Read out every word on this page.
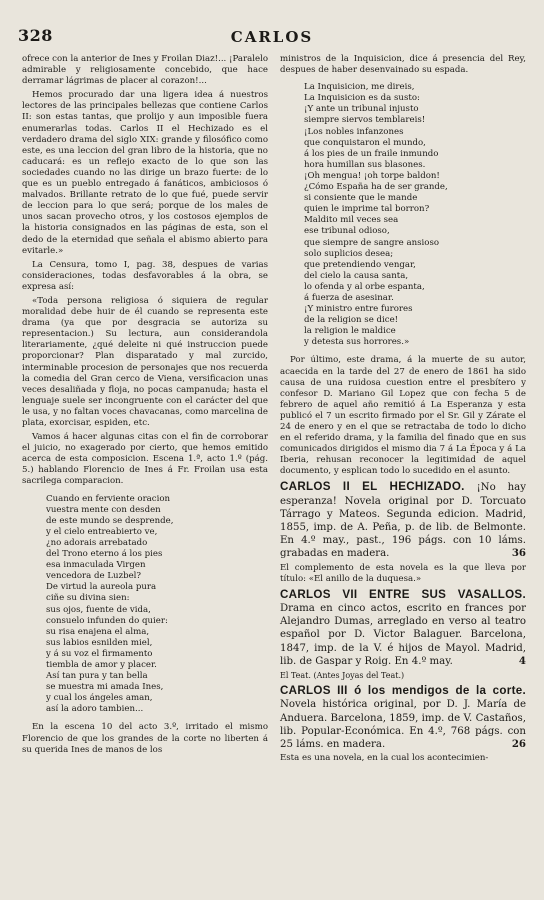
328	CARLOS

ofrece con la anterior de Ines y Froilan Diaz!... ¡Paralelo admirable y religiosamente concebido, que hace derramar lágrimas de placer al corazon!...

Hemos procurado dar una ligera idea á nuestros lectores de las principales bellezas que contiene Carlos II: son estas tantas, que prolijo y aun imposible fuera enumerarlas todas. Carlos II el Hechizado es el verdadero drama del siglo XIX: grande y filosófico como este, es una leccion del gran libro de la historia, que no caducará: es un reflejo exacto de lo que son las sociedades cuando no las dirige un brazo fuerte: de lo que es un pueblo entregado á fanáticos, ambiciosos ó malvados. Brillante retrato de lo que fué, puede servir de leccion para lo que será; porque de los males de unos sacan provecho otros, y los costosos ejemplos de la historia consignados en las páginas de esta, son el dedo de la eternidad que señala el abismo abierto para evitarle.»

La Censura, tomo I, pag. 38, despues de varias consideraciones, todas desfavorables á la obra, se expresa así:

«Toda persona religiosa ó siquiera de regular moralidad debe huir de él cuando se representa este drama (ya que por desgracia se autoriza su representacion.) Su lectura, aun considerandola literariamente, ¿qué deleite ni qué instruccion puede proporcionar? Plan disparatado y mal zurcido, interminable procesion de personajes que nos recuerda la comedia del Gran cerco de Viena, versificacion unas veces desaliñada y floja, no pocas campanuda; hasta el lenguaje suele ser incongruente con el carácter del que le usa, y no faltan voces chavacanas, como marcelina de plata, exorcisar, espiden, etc.

Vamos á hacer algunas citas con el fin de corroborar el juicio, no exagerado por cierto, que hemos emitido acerca de esta composicion. Escena 1.ª, acto 1.º (pág. 5.) hablando Florencio de Ines á Fr. Froilan usa esta sacrilega comparacion.

Cuando en ferviente oracion
vuestra mente con desden
de este mundo se desprende,
y el cielo entreabierto ve,
¿no adorais arrebatado
del Trono eterno á los pies
esa inmaculada Virgen
vencedora de Luzbel?
De virtud la aureola pura
ciñe su divina sien:
sus ojos, fuente de vida,
consuelo infunden do quier:
su risa enajena el alma,
sus labios esnilden miel,
y á su voz el firmamento
tiembla de amor y placer.
Así tan pura y tan bella
se muestra mi amada Ines,
y cual los ángeles aman,
así la adoro tambien...

En la escena 10 del acto 3.º, irritado el mismo Florencio de que los grandes de la corte no liberten á su querida Ines de manos de los

ministros de la Inquisicion, dice á presencia del Rey, despues de haber desenvainado su espada.

La Inquisicion, me direis,
La Inquisicion es da susto:
¡Y ante un tribunal injusto
siempre siervos temblareis!
¡Los nobles infanzones
que conquistaron el mundo,
á los pies de un fraile inmundo
hora humillan sus blasones.
¡Oh mengua! ¡oh torpe baldon!
¿Cómo España ha de ser grande,
si consiente que le mande
quien le imprime tal borron?
Maldito mil veces sea
ese tribunal odioso,
que siempre de sangre ansioso
solo suplicios desea;
que pretendiendo vengar,
del cielo la causa santa,
lo ofenda y al orbe espanta,
á fuerza de asesinar.
¡Y ministro entre furores
de la religion se dice!
la religion le maldice
y detesta sus horrores.»

Por último, este drama, á la muerte de su autor, acaecida en la tarde del 27 de enero de 1861 ha sido causa de una ruidosa cuestion entre el presbítero y confesor D. Mariano Gil Lopez que con fecha 5 de febrero de aquel año remitió á La Esperanza y esta publicó el 7 un escrito firmado por el Sr. Gil y Zárate el 24 de enero y en el que se retractaba de todo lo dicho en el referido drama, y la familia del finado que en sus comunicados dirigidos el mismo dia 7 á La Época y á La Iberia, rehusan reconocer la legitimidad de aquel documento, y esplican todo lo sucedido en el asunto.

CARLOS II EL HECHIZADO. ¡No hay esperanza! Novela original por D. Torcuato Tárrago y Mateos. Segunda edicion. Madrid, 1855, imp. de A. Peña, p. de lib. de Belmonte. En 4.º may., past., 196 págs. con 10 láms. grabadas en madera.	36

El complemento de esta novela es la que lleva por título: «El anillo de la duquesa.»

CARLOS VII ENTRE SUS VASALLOS. Drama en cinco actos, escrito en frances por Alejandro Dumas, arreglado en verso al teatro español por D. Victor Balaguer. Barcelona, 1847, imp. de la V. é hijos de Mayol. Madrid, lib. de Gaspar y Roig. En 4.º may.	4

El Teat. (Antes Joyas del Teat.)

CARLOS III ó los mendigos de la corte. Novela histórica original, por D. J. María de Anduera. Barcelona, 1859, imp. de V. Castaños, lib. Popular-Económica. En 4.º, 768 págs. con 25 láms. en madera.	26

Esta es una novela, en la cual los acontecimien-
